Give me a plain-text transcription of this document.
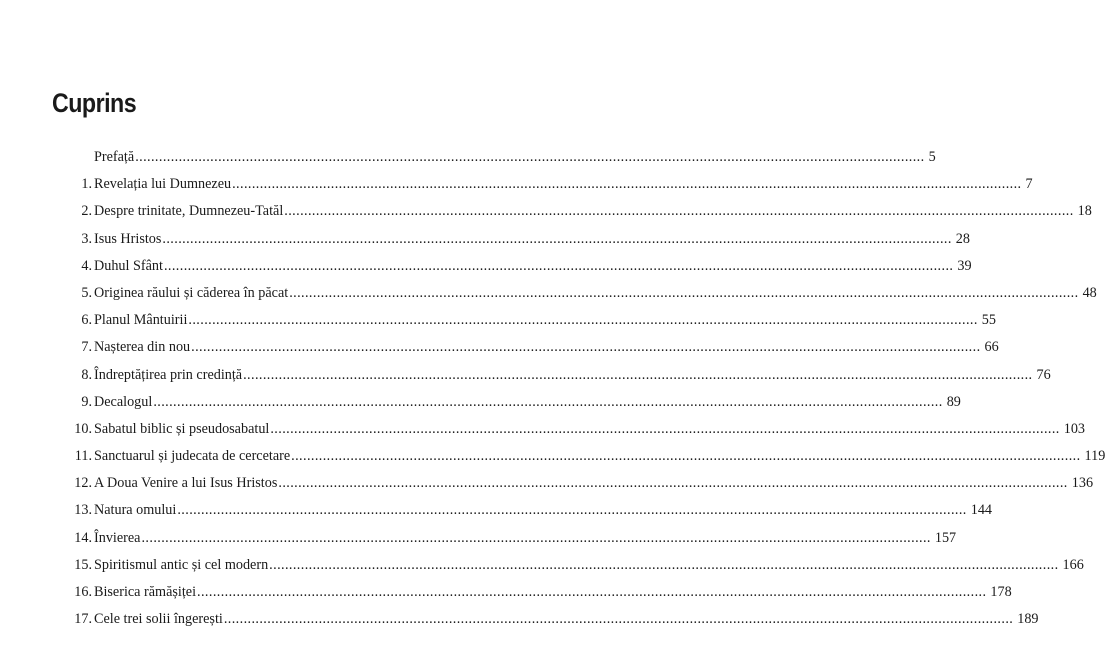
Cuprins
Prefață ........................................................................................................................................................................................................ 5
1. Revelația lui Dumnezeu ........................................................................................................................................................................................................ 7
2. Despre trinitate, Dumnezeu-Tatăl ........................................................................................................................................................................................................ 18
3. Isus Hristos ........................................................................................................................................................................................................ 28
4. Duhul Sfânt ........................................................................................................................................................................................................ 39
5. Originea răului și căderea în păcat ........................................................................................................................................................................................................ 48
6. Planul Mântuirii ........................................................................................................................................................................................................ 55
7. Nașterea din nou ........................................................................................................................................................................................................ 66
8. Îndreptățirea prin credință ........................................................................................................................................................................................................ 76
9. Decalogul ........................................................................................................................................................................................................ 89
10. Sabatul biblic și pseudosabatul ........................................................................................................................................................................................................ 103
11. Sanctuarul și judecata de cercetare ........................................................................................................................................................................................................ 119
12. A Doua Venire a lui Isus Hristos ........................................................................................................................................................................................................ 136
13. Natura omului ........................................................................................................................................................................................................ 144
14. Învierea ........................................................................................................................................................................................................ 157
15. Spiritismul antic și cel modern ........................................................................................................................................................................................................ 166
16. Biserica rămășiței ........................................................................................................................................................................................................ 178
17. Cele trei solii îngerești ........................................................................................................................................................................................................ 189
